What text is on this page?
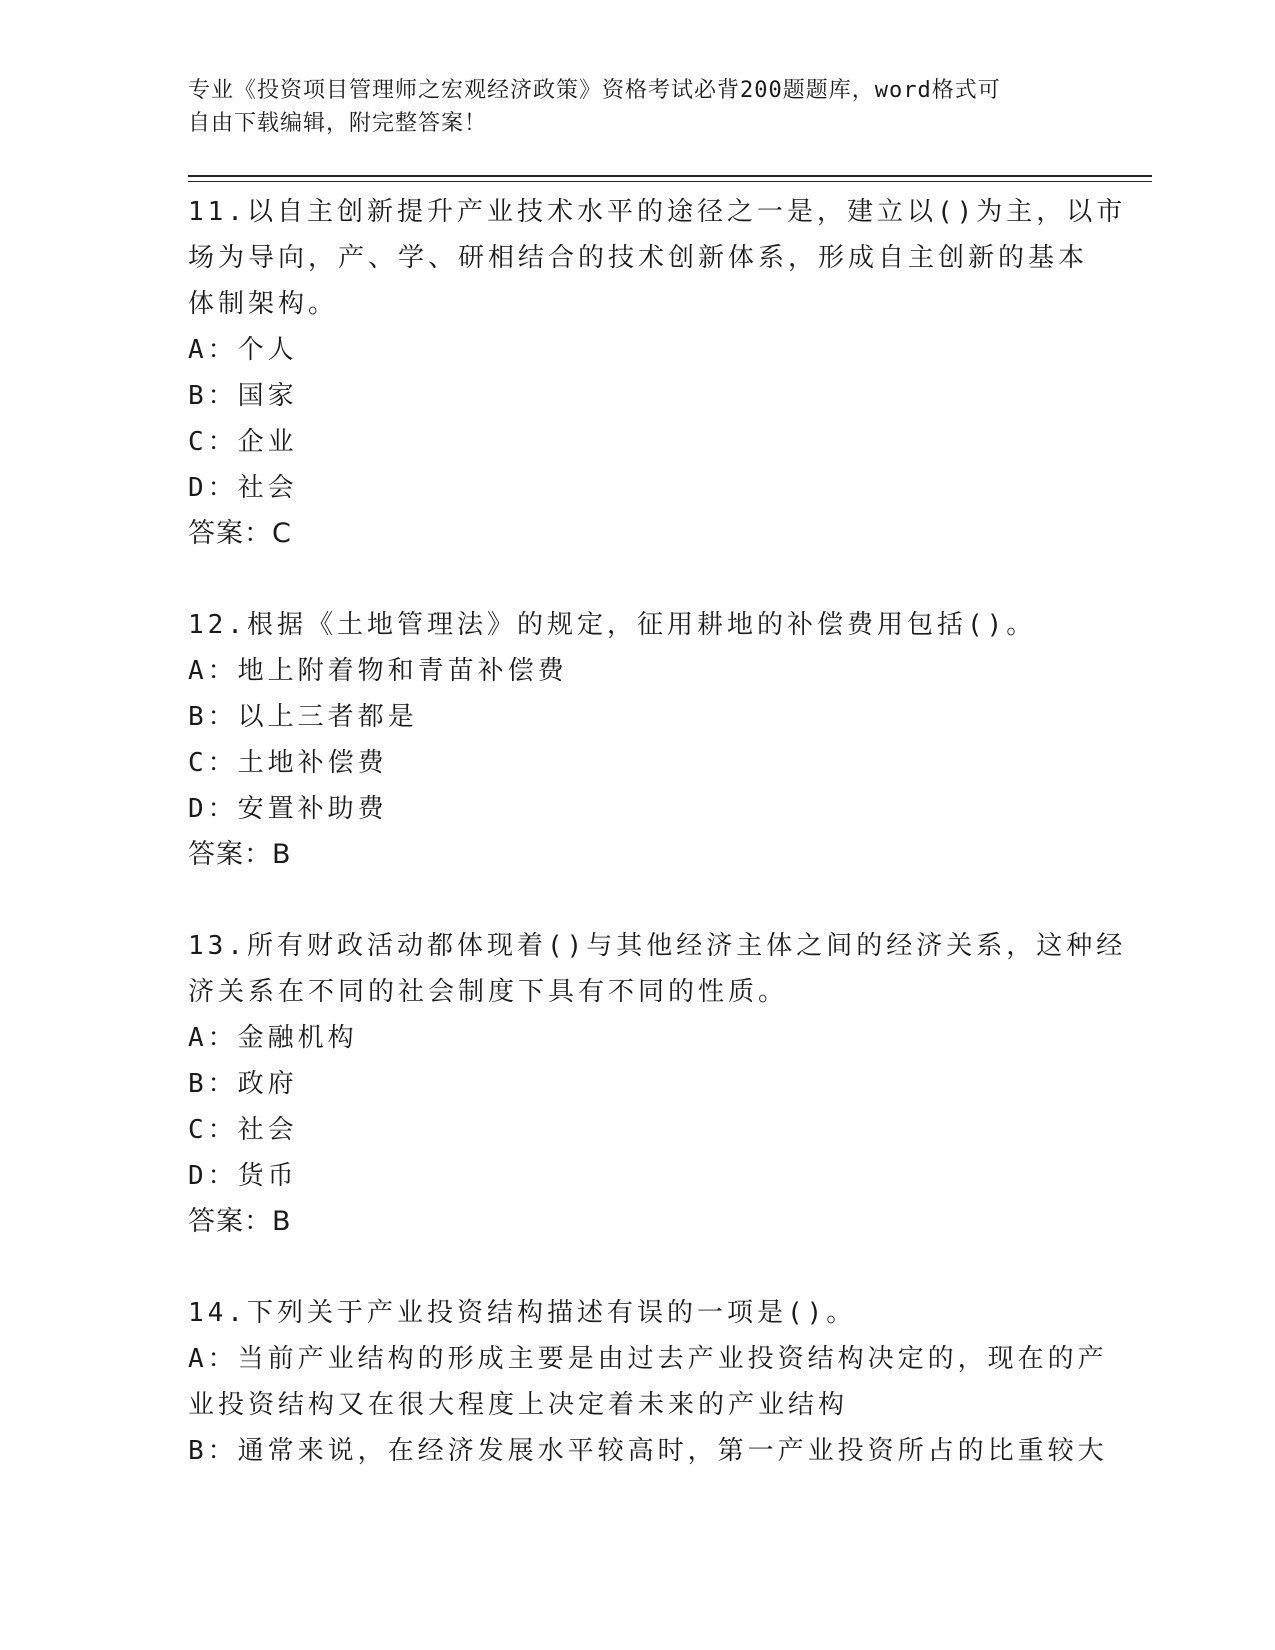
专业《投资项目管理师之宏观经济政策》资格考试必背200题题库，word格式可
自由下载编辑，附完整答案！
11.以自主创新提升产业技术水平的途径之一是，建立以()为主，以市
场为导向，产、学、研相结合的技术创新体系，形成自主创新的基本
体制架构。
A：个人
B：国家
C：企业
D：社会
答案：C
12.根据《土地管理法》的规定，征用耕地的补偿费用包括()。
A：地上附着物和青苗补偿费
B：以上三者都是
C：土地补偿费
D：安置补助费
答案：B
13.所有财政活动都体现着()与其他经济主体之间的经济关系，这种经
济关系在不同的社会制度下具有不同的性质。
A：金融机构
B：政府
C：社会
D：货币
答案：B
14.下列关于产业投资结构描述有误的一项是()。
A：当前产业结构的形成主要是由过去产业投资结构决定的，现在的产
业投资结构又在很大程度上决定着未来的产业结构
B：通常来说，在经济发展水平较高时，第一产业投资所占的比重较大
